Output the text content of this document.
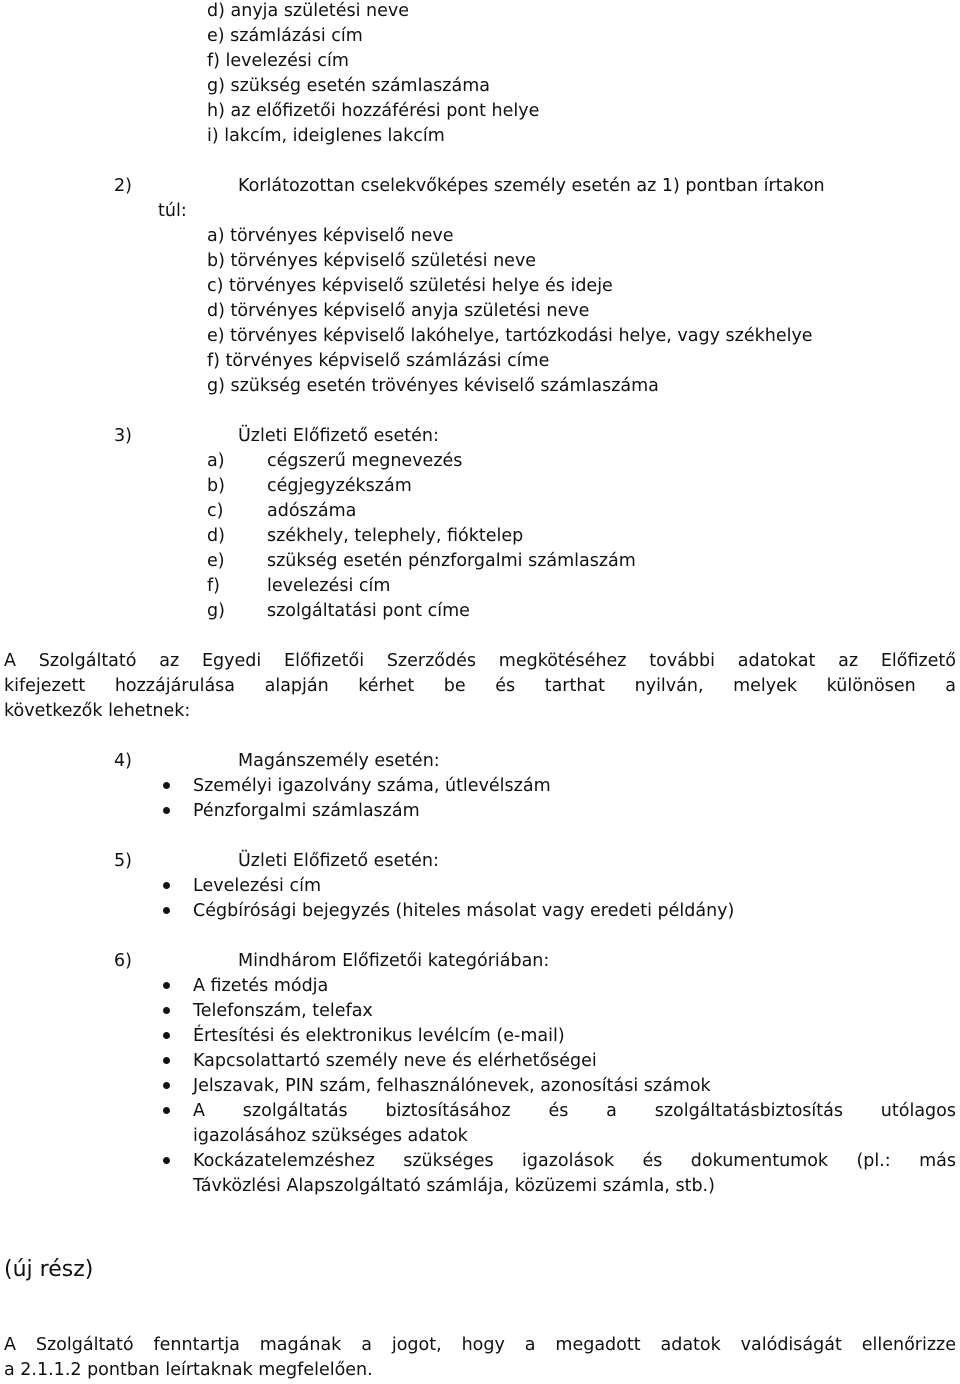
d) anyja születési neve
e) számlázási cím
f) levelezési cím
g) szükség esetén számlaszáma
h) az előfizetői hozzáférési pont helye
i) lakcím, ideiglenes lakcím
2)	Korlátozottan cselekvőképes személy esetén az 1) pontban írtakon
túl:
a) törvényes képviselő neve
b) törvényes képviselő születési neve
c) törvényes képviselő születési helye és ideje
d) törvényes képviselő anyja születési neve
e) törvényes képviselő lakóhelye, tartózkodási helye, vagy székhelye
f) törvényes képviselő számlázási címe
g) szükség esetén trövényes kéviselő számlaszáma
3)	Üzleti Előfizető esetén:
a) cégszerű megnevezés
b) cégjegyzékszám
c) adószáma
d) székhely, telephely, fióktelep
e) szükség esetén pénzforgalmi számlaszám
f)	levelezési cím
g) szolgáltatási pont címe
A Szolgáltató az Egyedi Előfizetői Szerződés megkötéséhez további adatokat az Előfizető
kifejezett hozzájárulása alapján kérhet be és tarthat nyilván, melyek különösen a
következők lehetnek:
4)	Magánszemély esetén:
Személyi igazolvány száma, útlevélszám
Pénzforgalmi számlaszám
5)	Üzleti Előfizető esetén:
Levelezési cím
Cégbírósági bejegyzés (hiteles másolat vagy eredeti példány)
6)	Mindhárom Előfizetői kategóriában:
A fizetés módja
Telefonszám, telefax
Értesítési és elektronikus levélcím (e-mail)
Kapcsolattartó személy neve és elérhetőségei
Jelszavak, PIN szám, felhasználónevek, azonosítási számok
A szolgáltatás biztosításához és a szolgáltatásbiztosítás utólagos
igazolásához szükséges adatok
Kockázatelemzéshez szükséges igazolások és dokumentumok (pl.: más
Távközlési Alapszolgáltató számlája, közüzemi számla, stb.)
(új rész)
A Szolgáltató fenntartja magának a jogot, hogy a megadott adatok valódiságát ellenőrizze
a 2.1.1.2 pontban leírtaknak megfelelően.
